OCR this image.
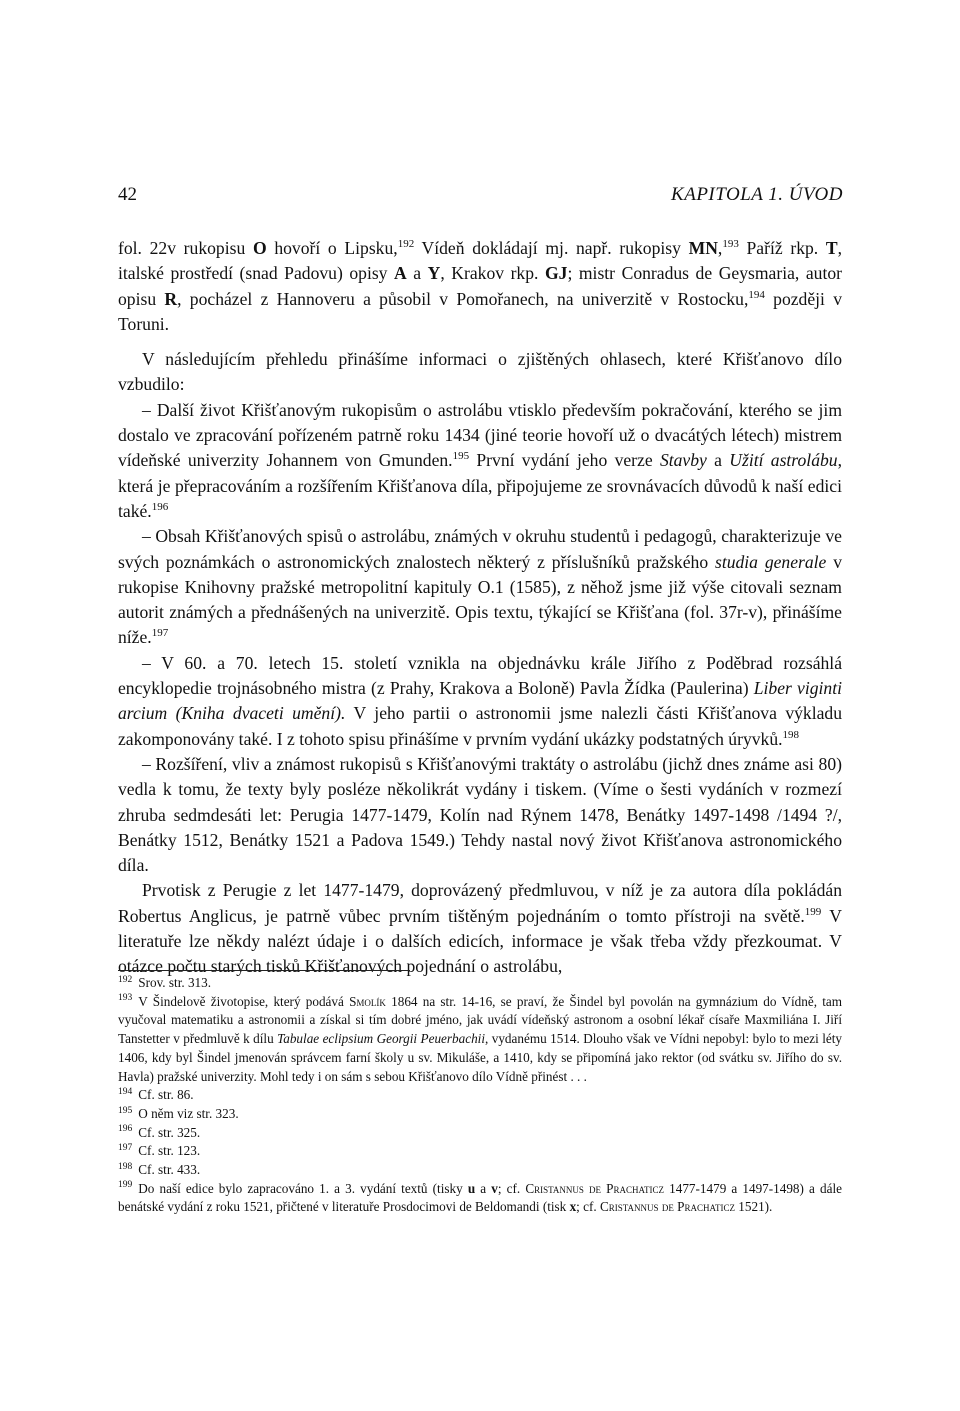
42	KAPITOLA 1. ÚVOD

fol. 22v rukopisu O hovoří o Lipsku,$^{192}$ Vídeň dokládají mj. např. rukopisy MN,$^{193}$ Paříž rkp. T, italské prostředí (snad Padovu) opisy A a Y, Krakov rkp. GJ; mistr Conradus de Geysmaria, autor opisu R, pocházel z Hannoveru a působil v Pomořanech, na univerzitě v Rostocku,$^{194}$ později v Toruni.

V následujícím přehledu přinášíme informaci o zjištěných ohlasech, které Křišťanovo dílo vzbudilo:

– Další život Křišťanovým rukopisům o astrolábu vtisklo především pokračování, kterého se jim dostalo ve zpracování pořízeném patrně roku 1434 (jiné teorie hovoří už o dvacátých létech) mistrem vídeňské univerzity Johannem von Gmunden.$^{195}$ První vydání jeho verze Stavby a Užití astrolábu, která je přepracováním a rozšířením Křišťanova díla, připojujeme ze srovnávacích důvodů k naší edici také.$^{196}$

– Obsah Křišťanových spisů o astrolábu, známých v okruhu studentů i pedagogů, charakterizuje ve svých poznámkách o astronomických znalostech některý z příslušníků pražského studia generale v rukopise Knihovny pražské metropolitní kapituly O.1 (1585), z něhož jsme již výše citovali seznam autorit známých a přednášených na univerzitě. Opis textu, týkající se Křišťana (fol. 37r-v), přinášíme níže.$^{197}$

– V 60. a 70. letech 15. století vznikla na objednávku krále Jiřího z Poděbrad rozsáhlá encyklopedie trojnásobného mistra (z Prahy, Krakova a Boloně) Pavla Žídka (Paulerina) Liber viginti arcium (Kniha dvaceti umění). V jeho partii o astronomii jsme nalezli části Křišťanova výkladu zakomponovány také. I z tohoto spisu přinášíme v prvním vydání ukázky podstatných úryvků.$^{198}$

– Rozšíření, vliv a známost rukopisů s Křišťanovými traktáty o astrolábu (jichž dnes známe asi 80) vedla k tomu, že texty byly posléze několikrát vydány i tiskem. (Víme o šesti vydáních v rozmezí zhruba sedmdesáti let: Perugia 1477-1479, Kolín nad Rýnem 1478, Benátky 1497-1498 /1494 ?/, Benátky 1512, Benátky 1521 a Padova 1549.) Tehdy nastal nový život Křišťanova astronomického díla.

Prvotisk z Perugie z let 1477-1479, doprovázený předmluvou, v níž je za autora díla pokládán Robertus Anglicus, je patrně vůbec prvním tištěným pojednáním o tomto přístroji na světě.$^{199}$ V literatuře lze někdy nalézt údaje i o dalších edicích, informace je však třeba vždy přezkoumat. V otázce počtu starých tisků Křišťanových pojednání o astrolábu,

$^{192}$ Srov. str. 313.

$^{193}$ V Šindelově životopise, který podává Smolík 1864 na str. 14-16, se praví, že Šindel byl povolán na gymnázium do Vídně, tam vyučoval matematiku a astronomii a získal si tím dobré jméno, jak uvádí vídeňský astronom a osobní lékař císaře Maxmiliána I. Jiří Tanstetter v předmluvě k dílu Tabulae eclipsium Georgii Peuerbachii, vydanému 1514. Dlouho však ve Vídni nepobyl: bylo to mezi léty 1406, kdy byl Šindel jmenován správcem farní školy u sv. Mikuláše, a 1410, kdy se připomíná jako rektor (od svátku sv. Jiřího do sv. Havla) pražské univerzity. Mohl tedy i on sám s sebou Křišťanovo dílo Vídně přinést . . .

$^{194}$ Cf. str. 86.

$^{195}$ O něm viz str. 323.

$^{196}$ Cf. str. 325.

$^{197}$ Cf. str. 123.

$^{198}$ Cf. str. 433.

$^{199}$ Do naší edice bylo zapracováno 1. a 3. vydání textů (tisky u a v; cf. Cristannus de Prachaticz 1477-1479 a 1497-1498) a dále benátské vydání z roku 1521, přičtené v literatuře Prosdocimovi de Beldomandi (tisk x; cf. Cristannus de Prachaticz 1521).
